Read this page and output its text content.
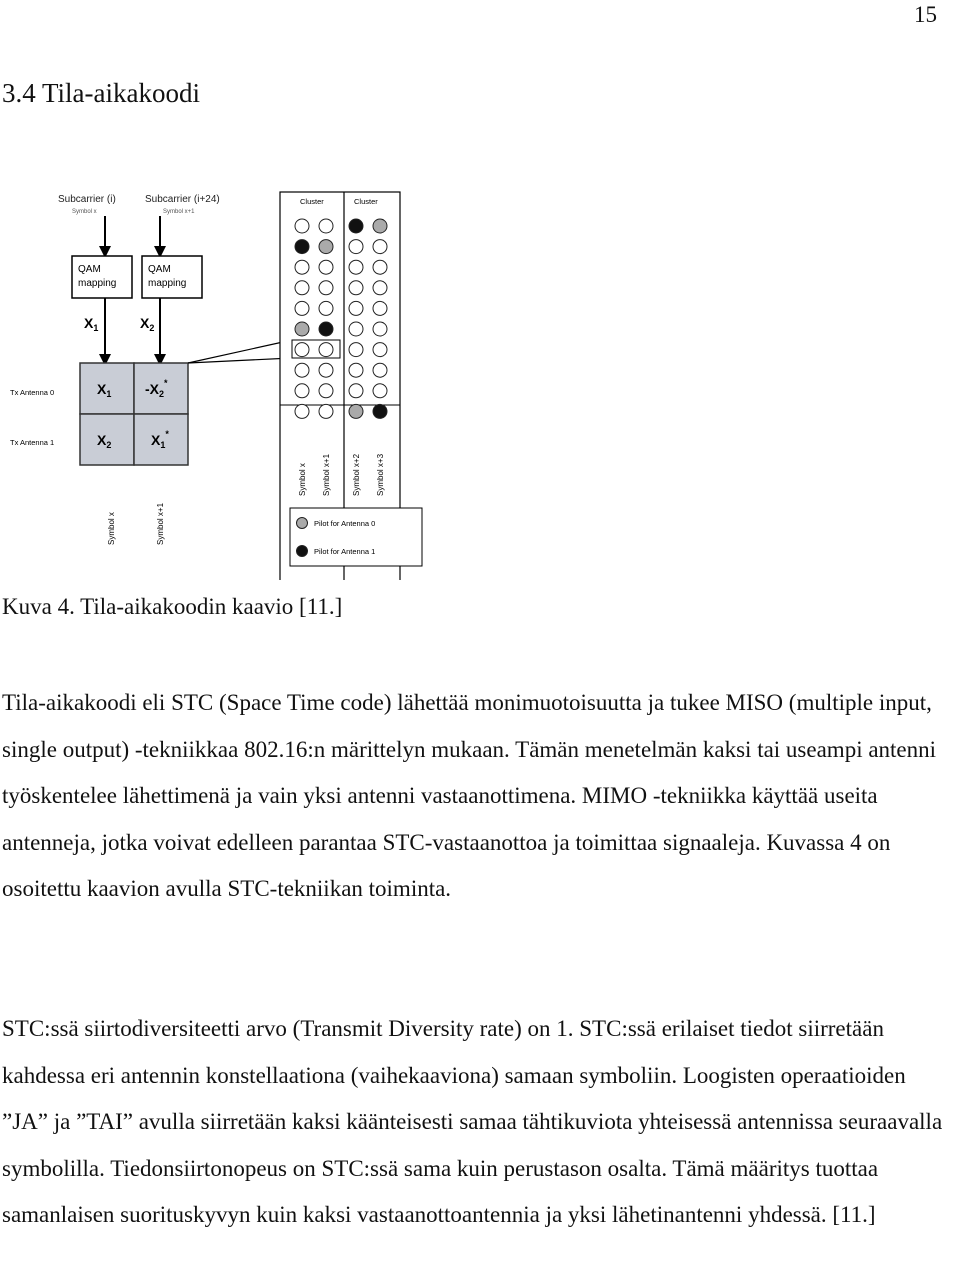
15
3.4 Tila-aikakoodi
Subcarrier (i)
Symbol x
Subcarrier (i+24)
Symbol x+1
QAM
mapping
QAM
mapping
$X_1$	$X_2$
$X_1$ $-X_2^*$
$X_2$	$X_1^*$
Tx Antenna 0
Tx Antenna 1
Symbol x	Symbol x+1
Cluster	Cluster
Symbol x Symbol x+1	Symbol x+2 Symbol x+3
Pilot for Antenna 0
Pilot for Antenna 1
Kuva 4. Tila-aikakoodin kaavio [11.]

Tila-aikakoodi eli STC (Space Time code) lähettää monimuotoisuutta ja tukee MISO (multiple input, single output) -tekniikkaa 802.16:n märittelyn mukaan. Tämän menetelmän kaksi tai useampi antenni työskentelee lähettimenä ja vain yksi antenni vastaanottimena. MIMO -tekniikka käyttää useita antenneja, jotka voivat edelleen parantaa STC-vastaanottoa ja toimittaa signaaleja. Kuvassa 4 on osoitettu kaavion avulla STC-tekniikan toiminta.

STC:ssä siirtodiversiteetti arvo (Transmit Diversity rate) on 1. STC:ssä erilaiset tiedot siirretään kahdessa eri antennin konstellaationa (vaihekaaviona) samaan symboliin. Loogisten operaatioiden ”JA” ja ”TAI” avulla siirretään kaksi käänteisesti samaa tähtikuviota yhteisessä antennissa seuraavalla symbolilla. Tiedonsiirtonopeus on STC:ssä sama kuin perustason osalta. Tämä määritys tuottaa samanlaisen suorituskyvyn kuin kaksi vastaanottoantennia ja yksi lähetinantenni yhdessä. [11.]
